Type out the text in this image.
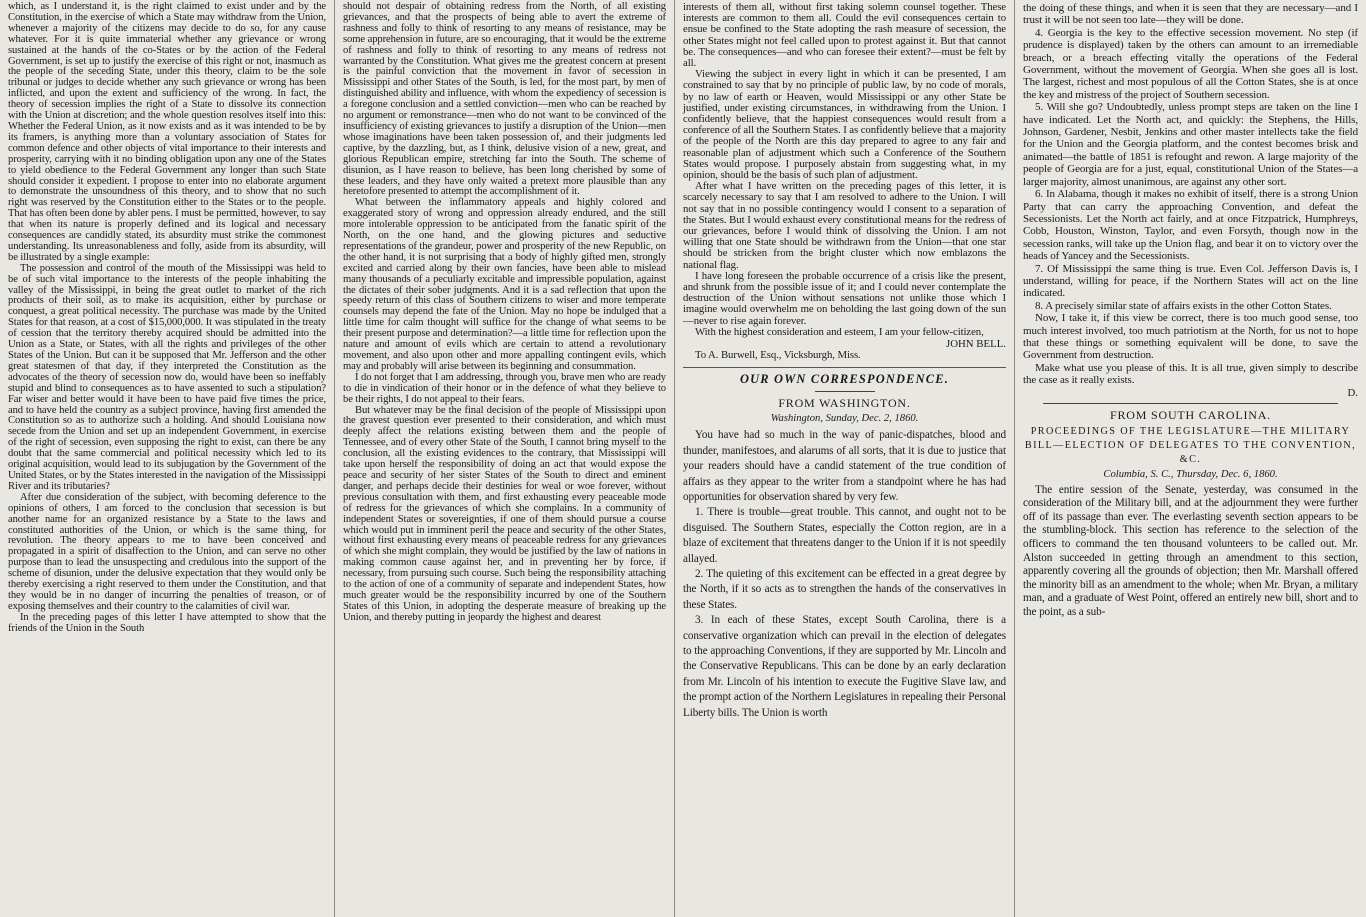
which, as I understand it, is the right claimed to exist under and by the Constitution, in the exercise of which a State may withdraw from the Union, whenever a majority of the citizens may decide to do so, for any cause whatever. For it is quite immaterial whether any grievance or wrong sustained at the hands of the co-States or by the action of the Federal Government, is set up to justify the exercise of this right or not, inasmuch as the people of the seceding State, under this theory, claim to be the sole tribunal or judges to decide whether any such grievance or wrong has been inflicted, and upon the extent and sufficiency of the wrong. In fact, the theory of secession implies the right of a State to dissolve its connection with the Union at discretion; and the whole question resolves itself into this: Whether the Federal Union, as it now exists and as it was intended to be by its framers, is anything more than a voluntary association of States for common defence and other objects of vital importance to their interests and prosperity, carrying with it no binding obligation upon any one of the States to yield obedience to the Federal Government any longer than such State should consider it expedient. I propose to enter into no elaborate argument to demonstrate the unsoundness of this theory, and to show that no such right was reserved by the Constitution either to the States or to the people. That has often been done by abler pens. I must be permitted, however, to say that when its nature is properly defined and its logical and necessary consequences are candidly stated, its absurdity must strike the commonest understanding. Its unreasonableness and folly, aside from its absurdity, will be illustrated by a single example:

The possession and control of the mouth of the Mississippi was held to be of such vital importance to the interests of the people inhabiting the valley of the Mississippi, in being the great outlet to market of the rich products of their soil, as to make its acquisition, either by purchase or conquest, a great political necessity. The purchase was made by the United States for that reason, at a cost of $15,000,000. It was stipulated in the treaty of cession that the territory thereby acquired should be admitted into the Union as a State, or States, with all the rights and privileges of the other States of the Union. But can it be supposed that Mr. Jefferson and the other great statesmen of that day, if they interpreted the Constitution as the advocates of the theory of secession now do, would have been so ineffably stupid and blind to consequences as to have assented to such a stipulation? Far wiser and better would it have been to have paid five times the price, and to have held the country as a subject province, having first amended the Constitution so as to authorize such a holding. And should Louisiana now secede from the Union and set up an independent Government, in exercise of the right of secession, even supposing the right to exist, can there be any doubt that the same commercial and political necessity which led to its original acquisition, would lead to its subjugation by the Government of the United States, or by the States interested in the navigation of the Mississippi River and its tributaries?

After due consideration of the subject, with becoming deference to the opinions of others, I am forced to the conclusion that secession is but another name for an organized resistance by a State to the laws and constituted authorities of the Union, or which is the same thing, for revolution. The theory appears to me to have been conceived and propagated in a spirit of disaffection to the Union, and can serve no other purpose than to lead the unsuspecting and credulous into the support of the scheme of disunion, under the delusive expectation that they would only be thereby exercising a right reserved to them under the Constitution, and that they would be in no danger of incurring the penalties of treason, or of exposing themselves and their country to the calamities of civil war.

In the preceding pages of this letter I have attempted to show that the friends of the Union in the South

should not despair of obtaining redress from the North, of all existing grievances, and that the prospects of being able to avert the extreme of rashness and folly to think of resorting to any means of resistance, may be some apprehension in future, are so encouraging, that it would be the extreme of rashness and folly to think of resorting to any means of redress not warranted by the Constitution. What gives me the greatest concern at present is the painful conviction that the movement in favor of secession in Mississippi and other States of the South, is led, for the most part, by men of distinguished ability and influence, with whom the expediency of secession is a foregone conclusion and a settled conviction—men who can be reached by no argument or remonstrance—men who do not want to be convinced of the insufficiency of existing grievances to justify a disruption of the Union—men whose imaginations have been taken possession of, and their judgments led captive, by the dazzling, but, as I think, delusive vision of a new, great, and glorious Republican empire, stretching far into the South. The scheme of disunion, as I have reason to believe, has been long cherished by some of these leaders, and they have only waited a pretext more plausible than any heretofore presented to attempt the accomplishment of it.

What between the inflammatory appeals and highly colored and exaggerated story of wrong and oppression already endured, and the still more intolerable oppression to be anticipated from the fanatic spirit of the North, on the one hand, and the glowing pictures and seductive representations of the grandeur, power and prosperity of the new Republic, on the other hand, it is not surprising that a body of highly gifted men, strongly excited and carried along by their own fancies, have been able to mislead many thousands of a peculiarly excitable and impressible population, against the dictates of their sober judgments. And it is a sad reflection that upon the speedy return of this class of Southern citizens to wiser and more temperate counsels may depend the fate of the Union. May no hope be indulged that a little time for calm thought will suffice for the change of what seems to be their present purpose and determination?—a little time for reflection upon the nature and amount of evils which are certain to attend a revolutionary movement, and also upon other and more appalling contingent evils, which may and probably will arise between its beginning and consummation.

I do not forget that I am addressing, through you, brave men who are ready to die in vindication of their honor or in the defence of what they believe to be their rights, I do not appeal to their fears.

But whatever may be the final decision of the people of Mississippi upon the gravest question ever presented to their consideration, and which must deeply affect the relations existing between them and the people of Tennessee, and of every other State of the South, I cannot bring myself to the conclusion, all the existing evidences to the contrary, that Mississippi will take upon herself the responsibility of doing an act that would expose the peace and security of her sister States of the South to direct and eminent danger, and perhaps decide their destinies for weal or woe forever, without previous consultation with them, and first exhausting every peaceable mode of redress for the grievances of which she complains. In a community of independent States or sovereignties, if one of them should pursue a course which would put in imminent peril the peace and security of the other States, without first exhausting every means of peaceable redress for any grievances of which she might complain, they would be justified by the law of nations in making common cause against her, and in preventing her by force, if necessary, from pursuing such course. Such being the responsibility attaching to the action of one of a community of separate and independent States, how much greater would be the responsibility incurred by one of the Southern States of this Union, in adopting the desperate measure of breaking up the Union, and thereby putting in jeopardy the highest and dearest

interests of them all, without first taking solemn counsel together. These interests are common to them all. Could the evil consequences certain to ensue be confined to the State adopting the rash measure of secession, the other States might not feel called upon to protest against it. But that cannot be. The consequences—and who can foresee their extent?—must be felt by all.

Viewing the subject in every light in which it can be presented, I am constrained to say that by no principle of public law, by no code of morals, by no law of earth or Heaven, would Mississippi or any other State be justified, under existing circumstances, in withdrawing from the Union. I confidently believe, that the happiest consequences would result from a conference of all the Southern States. I as confidently believe that a majority of the people of the North are this day prepared to agree to any fair and reasonable plan of adjustment which such a Conference of the Southern States would propose. I purposely abstain from suggesting what, in my opinion, should be the basis of such plan of adjustment.

After what I have written on the preceding pages of this letter, it is scarcely necessary to say that I am resolved to adhere to the Union. I will not say that in no possible contingency would I consent to a separation of the States. But I would exhaust every constitutional means for the redress of our grievances, before I would think of dissolving the Union. I am not willing that one State should be withdrawn from the Union—that one star should be stricken from the bright cluster which now emblazons the national flag.

I have long foreseen the probable occurrence of a crisis like the present, and shrunk from the possible issue of it; and I could never contemplate the destruction of the Union without sensations not unlike those which I imagine would overwhelm me on beholding the last going down of the sun—never to rise again forever.

With the highest consideration and esteem, I am your fellow-citizen,

JOHN BELL.

To A. Burwell, Esq., Vicksburgh, Miss.

OUR OWN CORRESPONDENCE.
FROM WASHINGTON.
Washington, Sunday, Dec. 2, 1860.

You have had so much in the way of panic-dispatches, blood and thunder, manifestoes, and alarums of all sorts, that it is due to justice that your readers should have a candid statement of the true condition of affairs as they appear to the writer from a standpoint where he has had opportunities for observation shared by very few.

1. There is trouble—great trouble. This cannot, and ought not to be disguised. The Southern States, especially the Cotton region, are in a blaze of excitement that threatens danger to the Union if it is not speedily allayed.

2. The quieting of this excitement can be effected in a great degree by the North, if it so acts as to strengthen the hands of the conservatives in these States.

3. In each of these States, except South Carolina, there is a conservative organization which can prevail in the election of delegates to the approaching Conventions, if they are supported by Mr. Lincoln and the Conservative Republicans. This can be done by an early declaration from Mr. Lincoln of his intention to execute the Fugitive Slave law, and the prompt action of the Northern Legislatures in repealing their Personal Liberty bills. The Union is worth

the doing of these things, and when it is seen that they are necessary—and I trust it will be not seen too late—they will be done.

4. Georgia is the key to the effective secession movement. No step (if prudence is displayed) taken by the others can amount to an irremediable breach, or a breach effecting vitally the operations of the Federal Government, without the movement of Georgia. When she goes all is lost. The largest, richest and most populous of all the Cotton States, she is at once the key and mistress of the project of Southern secession.

5. Will she go? Undoubtedly, unless prompt steps are taken on the line I have indicated. Let the North act, and quickly: the Stephens, the Hills, Johnson, Gardener, Nesbit, Jenkins and other master intellects take the field for the Union and the Georgia platform, and the contest becomes brisk and animated—the battle of 1851 is refought and rewon. A large majority of the people of Georgia are for a just, equal, constitutional Union of the States—a larger majority, almost unanimous, are against any other sort.

6. In Alabama, though it makes no exhibit of itself, there is a strong Union Party that can carry the approaching Convention, and defeat the Secessionists. Let the North act fairly, and at once Fitzpatrick, Humphreys, Cobb, Houston, Winston, Taylor, and even Forsyth, though now in the secession ranks, will take up the Union flag, and bear it on to victory over the heads of Yancey and the Secessionists.

7. Of Mississippi the same thing is true. Even Col. Jefferson Davis is, I understand, willing for peace, if the Northern States will act on the line indicated.

8. A precisely similar state of affairs exists in the other Cotton States.

Now, I take it, if this view be correct, there is too much good sense, too much interest involved, too much patriotism at the North, for us not to hope that these things or something equivalent will be done, to save the Government from destruction.

Make what use you please of this. It is all true, given simply to describe the case as it really exists.

D.

FROM SOUTH CAROLINA.
PROCEEDINGS OF THE LEGISLATURE—THE MILITARY BILL—ELECTION OF DELEGATES TO THE CONVENTION, &C.
Columbia, S. C., Thursday, Dec. 6, 1860.

The entire session of the Senate, yesterday, was consumed in the consideration of the Military bill, and at the adjournment they were further off of its passage than ever. The everlasting seventh section appears to be the stumbling-block. This section has reference to the selection of the officers to command the ten thousand volunteers to be called out. Mr. Alston succeeded in getting through an amendment to this section, apparently covering all the grounds of objection; then Mr. Marshall offered the minority bill as an amendment to the whole; when Mr. Bryan, a military man, and a graduate of West Point, offered an entirely new bill, short and to the point, as a sub-
